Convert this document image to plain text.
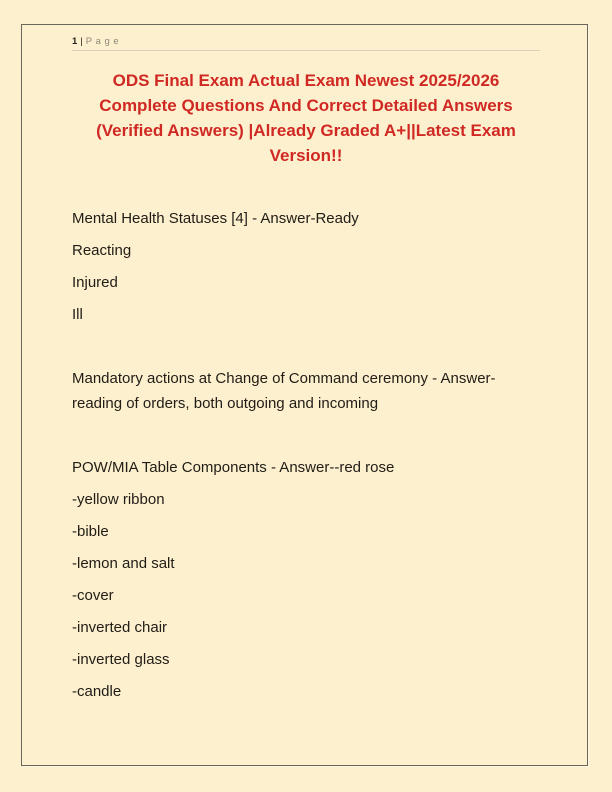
1 | P a g e
ODS Final Exam Actual Exam Newest 2025/2026
Complete Questions And Correct Detailed Answers
(Verified Answers) |Already Graded A+||Latest Exam
Version!!

Mental Health Statuses [4] - Answer-Ready

Reacting

Injured

Ill

Mandatory actions at Change of Command ceremony - Answer-reading of orders, both outgoing and incoming

POW/MIA Table Components - Answer--red rose

-yellow ribbon

-bible

-lemon and salt

-cover

-inverted chair

-inverted glass

-candle
